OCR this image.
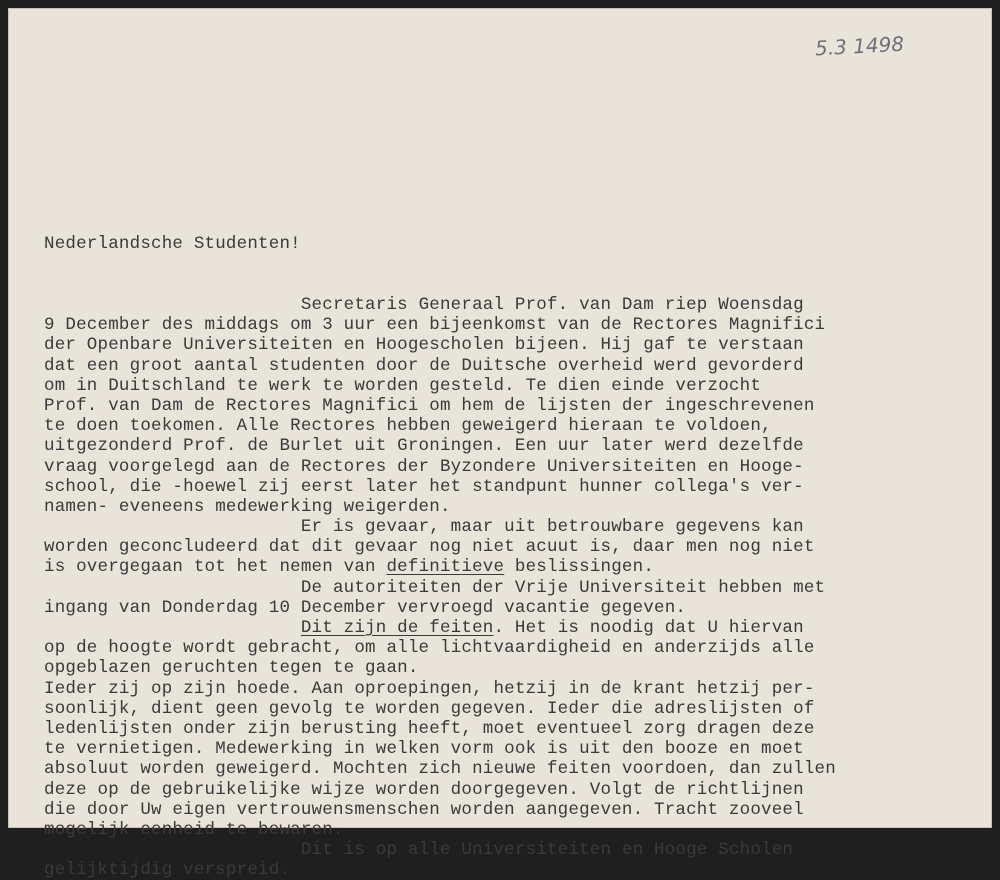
5.3 1498

Nederlandsche Studenten!

Secretaris Generaal Prof. van Dam riep Woensdag
9 December des middags om 3 uur een bijeenkomst van de Rectores Magnifici
der Openbare Universiteiten en Hoogescholen bijeen. Hij gaf te verstaan
dat een groot aantal studenten door de Duitsche overheid werd gevorderd
om in Duitschland te werk te worden gesteld. Te dien einde verzocht
Prof. van Dam de Rectores Magnifici om hem de lijsten der ingeschrevenen
te doen toekomen. Alle Rectores hebben geweigerd hieraan te voldoen,
uitgezonderd Prof. de Burlet uit Groningen. Een uur later werd dezelfde
vraag voorgelegd aan de Rectores der Byzondere Universiteiten en Hooge-
school, die -hoewel zij eerst later het standpunt hunner collega's ver-
namen- eveneens medewerking weigerden.
Er is gevaar, maar uit betrouwbare gegevens kan
worden geconcludeerd dat dit gevaar nog niet acuut is, daar men nog niet
is overgegaan tot het nemen van definitieve beslissingen.
De autoriteiten der Vrije Universiteit hebben met
ingang van Donderdag 10 December vervroegd vacantie gegeven.
Dit zijn de feiten. Het is noodig dat U hiervan
op de hoogte wordt gebracht, om alle lichtvaardigheid en anderzijds alle
opgeblazen geruchten tegen te gaan.
Ieder zij op zijn hoede. Aan oproepingen, hetzij in de krant hetzij per-
soonlijk, dient geen gevolg te worden gegeven. Ieder die adreslijsten of
ledenlijsten onder zijn berusting heeft, moet eventueel zorg dragen deze
te vernietigen. Medewerking in welken vorm ook is uit den booze en moet
absoluut worden geweigerd. Mochten zich nieuwe feiten voordoen, dan zullen
deze op de gebruikelijke wijze worden doorgegeven. Volgt de richtlijnen
die door Uw eigen vertrouwensmenschen worden aangegeven. Tracht zooveel
mogelijk eenheid te bewaren.
Dit is op alle Universiteiten en Hooge Scholen
gelijktijdig verspreid.
